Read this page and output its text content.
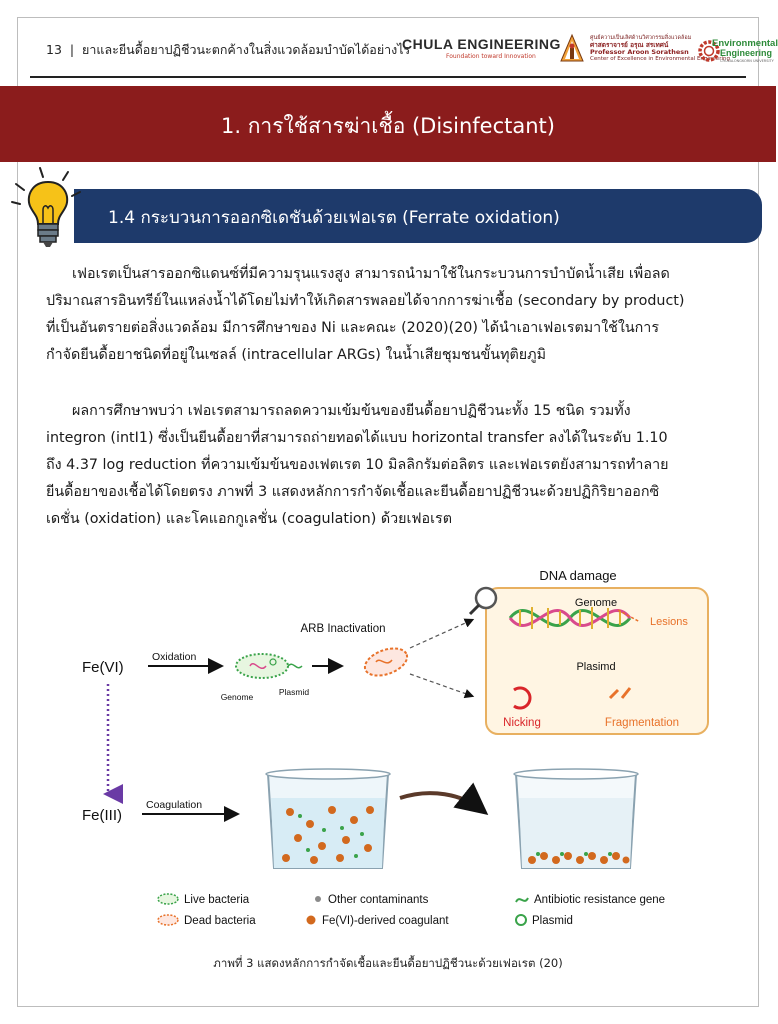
13  |  ยาและยีนดื้อยาปฏิชีวนะตกค้างในสิ่งแวดล้อมบำบัดได้อย่างไร
CHULA ENGINEERING
Foundation toward Innovation
ศูนย์ความเป็นเลิศด้านวิศวกรรมสิ่งแวดล้อม
ศาสตราจารย์ อรุณ สรเทศน์
Professor Aroon Sorathesn
Center of Excellence in Environmental Engineering
Environmental
Engineering
CHULALONGKORN UNIVERSITY
1. การใช้สารฆ่าเชื้อ (Disinfectant)
1.4 กระบวนการออกซิเดชันด้วยเฟอเรต (Ferrate oxidation)
เฟอเรตเป็นสารออกซิแดนซ์ที่มีความรุนแรงสูง สามารถนำมาใช้ในกระบวนการบำบัดน้ำเสีย เพื่อลด
ปริมาณสารอินทรีย์ในแหล่งน้ำได้โดยไม่ทำให้เกิดสารพลอยได้จากการฆ่าเชื้อ (secondary by product)
ที่เป็นอันตรายต่อสิ่งแวดล้อม มีการศึกษาของ Ni และคณะ (2020)(20) ได้นำเอาเฟอเรตมาใช้ในการ
กำจัดยีนดื้อยาชนิดที่อยู่ในเซลล์ (intracellular ARGs) ในน้ำเสียชุมชนขั้นทุติยภูมิ
ผลการศึกษาพบว่า เฟอเรตสามารถลดความเข้มข้นของยีนดื้อยาปฏิชีวนะทั้ง 15 ชนิด รวมทั้ง
integron (intI1) ซึ่งเป็นยีนดื้อยาที่สามารถถ่ายทอดได้แบบ horizontal transfer ลงได้ในระดับ 1.10
ถึง 4.37 log reduction ที่ความเข้มข้นของเฟตเรต 10 มิลลิกรัมต่อลิตร และเฟอเรตยังสามารถทำลาย
ยีนดื้อยาของเชื้อได้โดยตรง ภาพที่ 3 แสดงหลักการกำจัดเชื้อและยีนดื้อยาปฏิชีวนะด้วยปฏิกิริยาออกซิ
เดชั่น (oxidation) และโคแอกกูเลชั่น (coagulation) ด้วยเฟอเรต
DNA damage
Genome
Lesions
Plasimd
Nicking	Fragmentation
ARB Inactivation
Fe(VI)
Oxidation
Genome	Plasmid
Fe(III)
Coagulation
Live bacteria	Other contaminants	Antibiotic resistance gene
Dead bacteria	Fe(VI)-derived coagulant	Plasmid
ภาพที่ 3 แสดงหลักการกำจัดเชื้อและยีนดื้อยาปฏิชีวนะด้วยเฟอเรต (20)
